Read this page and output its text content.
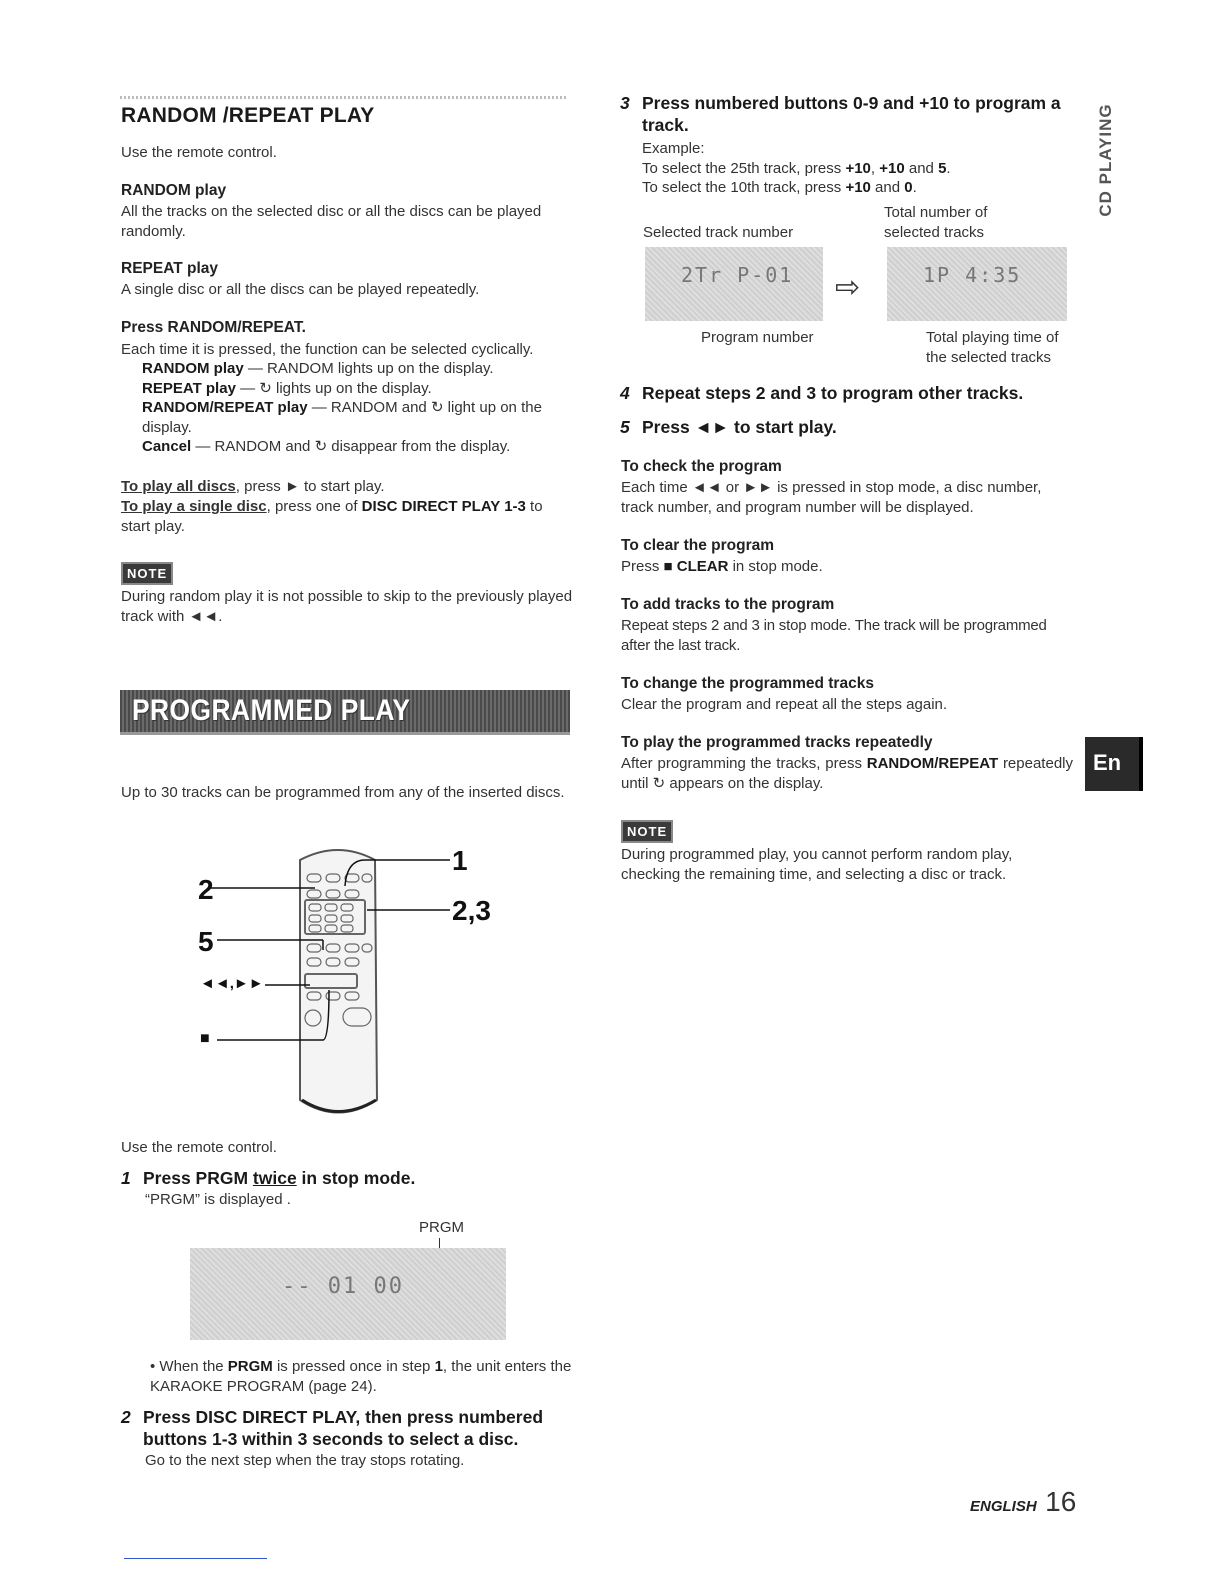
RANDOM /REPEAT PLAY

Use the remote control.

RANDOM play

All the tracks on the selected disc or all the discs can be played randomly.

REPEAT play

A single disc or all the discs can be played repeatedly.

Press RANDOM/REPEAT.

Each time it is pressed, the function can be selected cyclically.

RANDOM play — RANDOM lights up on the display.

REPEAT play — ↻ lights up on the display.

RANDOM/REPEAT play — RANDOM and ↻ light up on the display.

Cancel — RANDOM and ↻ disappear from the display.

To play all discs, press ► to start play.

To play a single disc, press one of DISC DIRECT PLAY 1-3 to start play.

NOTE

During random play it is not possible to skip to the previously played track with ◄◄.

PROGRAMMED PLAY

Up to 30 tracks can be programmed from any of the inserted discs.

1
2
2,3
5
◄◄,►►
■

Use the remote control.

1 Press PRGM twice in stop mode.

“PRGM” is displayed .

PRGM
-- 01 00

• When the PRGM is pressed once in step 1, the unit enters the KARAOKE PROGRAM (page 24).

2 Press DISC DIRECT PLAY, then press numbered buttons 1-3 within 3 seconds to select a disc.

Go to the next step when the tray stops rotating.

3 Press numbered buttons 0-9 and +10 to program a track.

Example:

To select the 25th track, press +10, +10 and 5.

To select the 10th track, press +10 and 0.

Total number of selected tracks

Selected track number

2Tr P-01 ⇨	1P 4:35

Program number	Total playing time of the selected tracks

4 Repeat steps 2 and 3 to program other tracks.
5 Press ◄► to start play.
To check the program

Each time ◄◄ or ►► is pressed in stop mode, a disc number, track number, and program number will be displayed.

To clear the program

Press ■ CLEAR in stop mode.

To add tracks to the program

Repeat steps 2 and 3 in stop mode. The track will be programmed after the last track.

To change the programmed tracks

Clear the program and repeat all the steps again.

To play the programmed tracks repeatedly

After programming the tracks, press RANDOM/REPEAT repeatedly until ↻ appears on the display.

NOTE

During programmed play, you cannot perform random play, checking the remaining time, and selecting a disc or track.

CD PLAYING
En
ENGLISH 16
